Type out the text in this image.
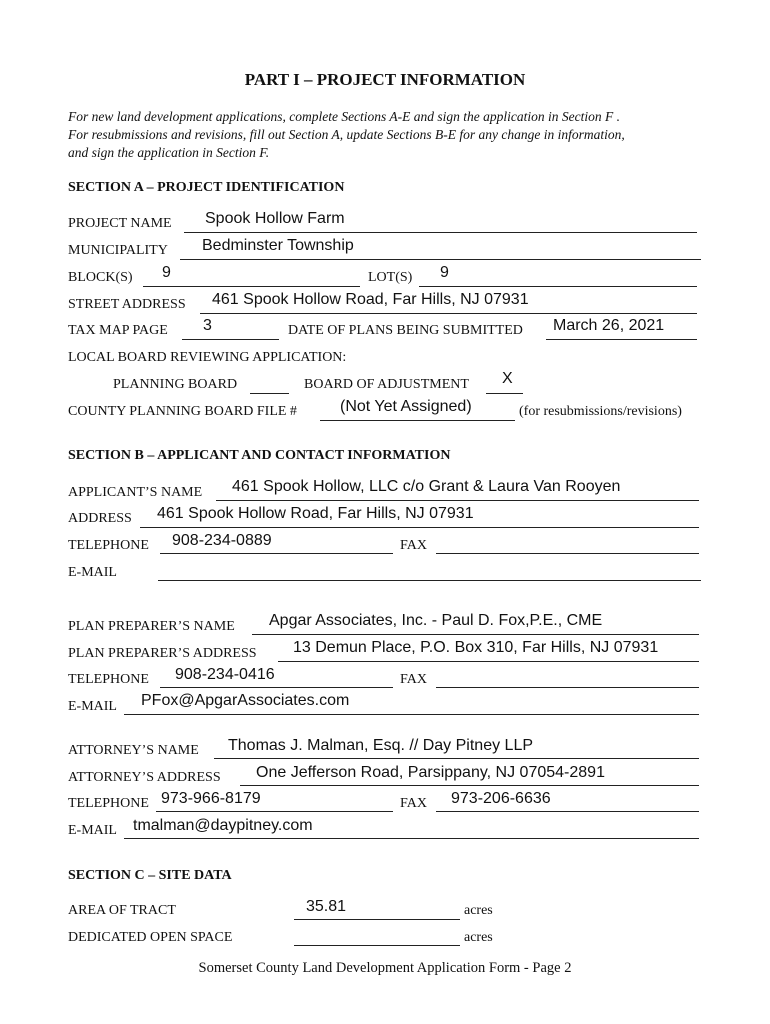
PART I – PROJECT INFORMATION
For new land development applications, complete Sections A-E and sign the application in Section F .
For resubmissions and revisions, fill out Section A, update Sections B-E for any change in information,
and sign the application in Section F.
SECTION A – PROJECT IDENTIFICATION
PROJECT NAME Spook Hollow Farm
MUNICIPALITY Bedminster Township
BLOCK(S) 9	LOT(S) 9
STREET ADDRESS 461 Spook Hollow Road, Far Hills, NJ 07931
TAX MAP PAGE 3	DATE OF PLANS BEING SUBMITTED March 26, 2021
LOCAL BOARD REVIEWING APPLICATION:
PLANNING BOARD	BOARD OF ADJUSTMENT X
COUNTY PLANNING BOARD FILE #	(Not Yet Assigned)	(for resubmissions/revisions)
SECTION B – APPLICANT AND CONTACT INFORMATION
APPLICANT’S NAME 461 Spook Hollow, LLC c/o Grant & Laura Van Rooyen
ADDRESS 461 Spook Hollow Road, Far Hills, NJ 07931
TELEPHONE 908-234-0889	FAX
E-MAIL
PLAN PREPARER’S NAME Apgar Associates, Inc. - Paul D. Fox,P.E., CME
PLAN PREPARER’S ADDRESS 13 Demun Place, P.O. Box 310, Far Hills, NJ 07931
TELEPHONE 908-234-0416	FAX
E-MAIL PFox@ApgarAssociates.com
ATTORNEY’S NAME Thomas J. Malman, Esq. // Day Pitney LLP
ATTORNEY’S ADDRESS One Jefferson Road, Parsippany, NJ 07054-2891
TELEPHONE 973-966-8179	FAX 973-206-6636
E-MAIL tmalman@daypitney.com
SECTION C – SITE DATA
AREA OF TRACT	35.81	acres
DEDICATED OPEN SPACE	acres
Somerset County Land Development Application Form - Page 2
